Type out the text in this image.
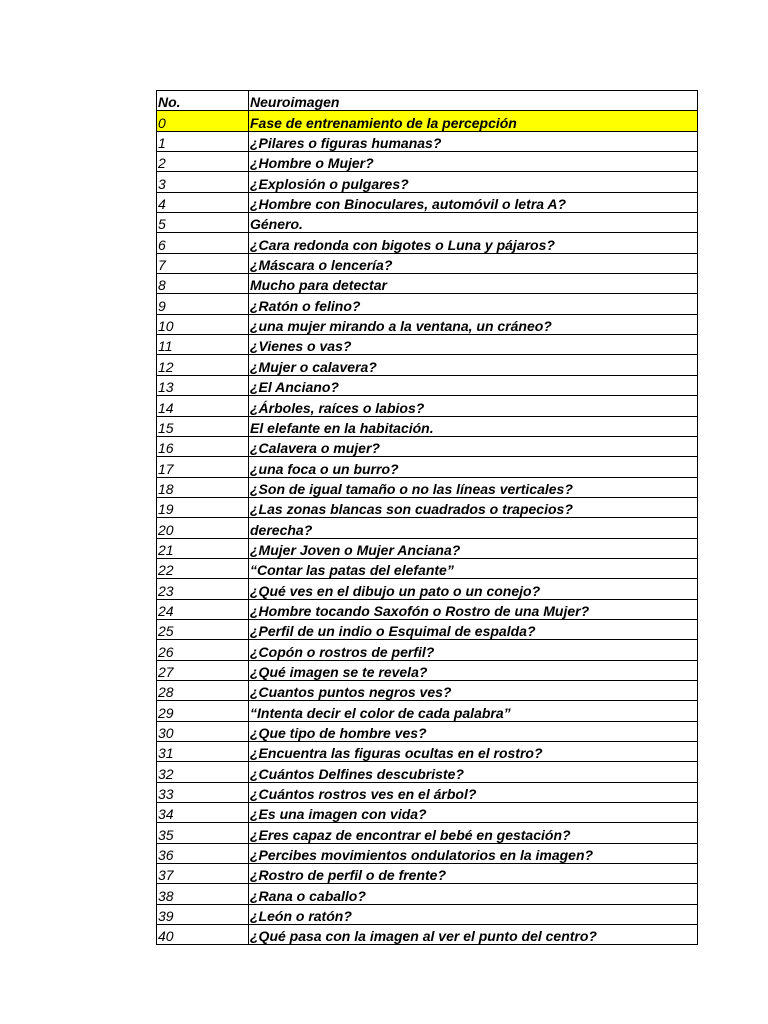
No.	Neuroimagen
0	Fase de entrenamiento de la percepción
1	¿Pilares o figuras humanas?
2	¿Hombre o Mujer?
3	¿Explosión o pulgares?
4	¿Hombre con Binoculares, automóvil o letra A?
5	Género.
6	¿Cara redonda con bigotes o Luna y pájaros?
7	¿Máscara o lencería?
8	Mucho para detectar
9	¿Ratón o felino?
10	¿una mujer mirando a la ventana, un cráneo?
11	¿Vienes o vas?
12	¿Mujer o calavera?
13	¿El Anciano?
14	¿Árboles, raíces o labios?
15	El elefante en la habitación.
16	¿Calavera o mujer?
17	¿una foca o un burro?
18	¿Son de igual tamaño o no las líneas verticales?
19	¿Las zonas blancas son cuadrados o trapecios?
20	derecha?
21	¿Mujer Joven o Mujer Anciana?
22	“Contar las patas del elefante”
23	¿Qué ves en el dibujo un pato o un conejo?
24	¿Hombre tocando Saxofón o Rostro de una Mujer?
25	¿Perfil de un indio o Esquimal de espalda?
26	¿Copón o rostros de perfil?
27	¿Qué imagen se te revela?
28	¿Cuantos puntos negros ves?
29	“Intenta decir el color de cada palabra”
30	¿Que tipo de hombre ves?
31	¿Encuentra las figuras ocultas en el rostro?
32	¿Cuántos Delfines descubriste?
33	¿Cuántos rostros ves en el árbol?
34	¿Es una imagen con vida?
35	¿Eres capaz de encontrar el bebé en gestación?
36	¿Percibes movimientos ondulatorios en la imagen?
37	¿Rostro de perfil o de frente?
38	¿Rana o caballo?
39	¿León o ratón?
40	¿Qué pasa con la imagen al ver el punto del centro?
